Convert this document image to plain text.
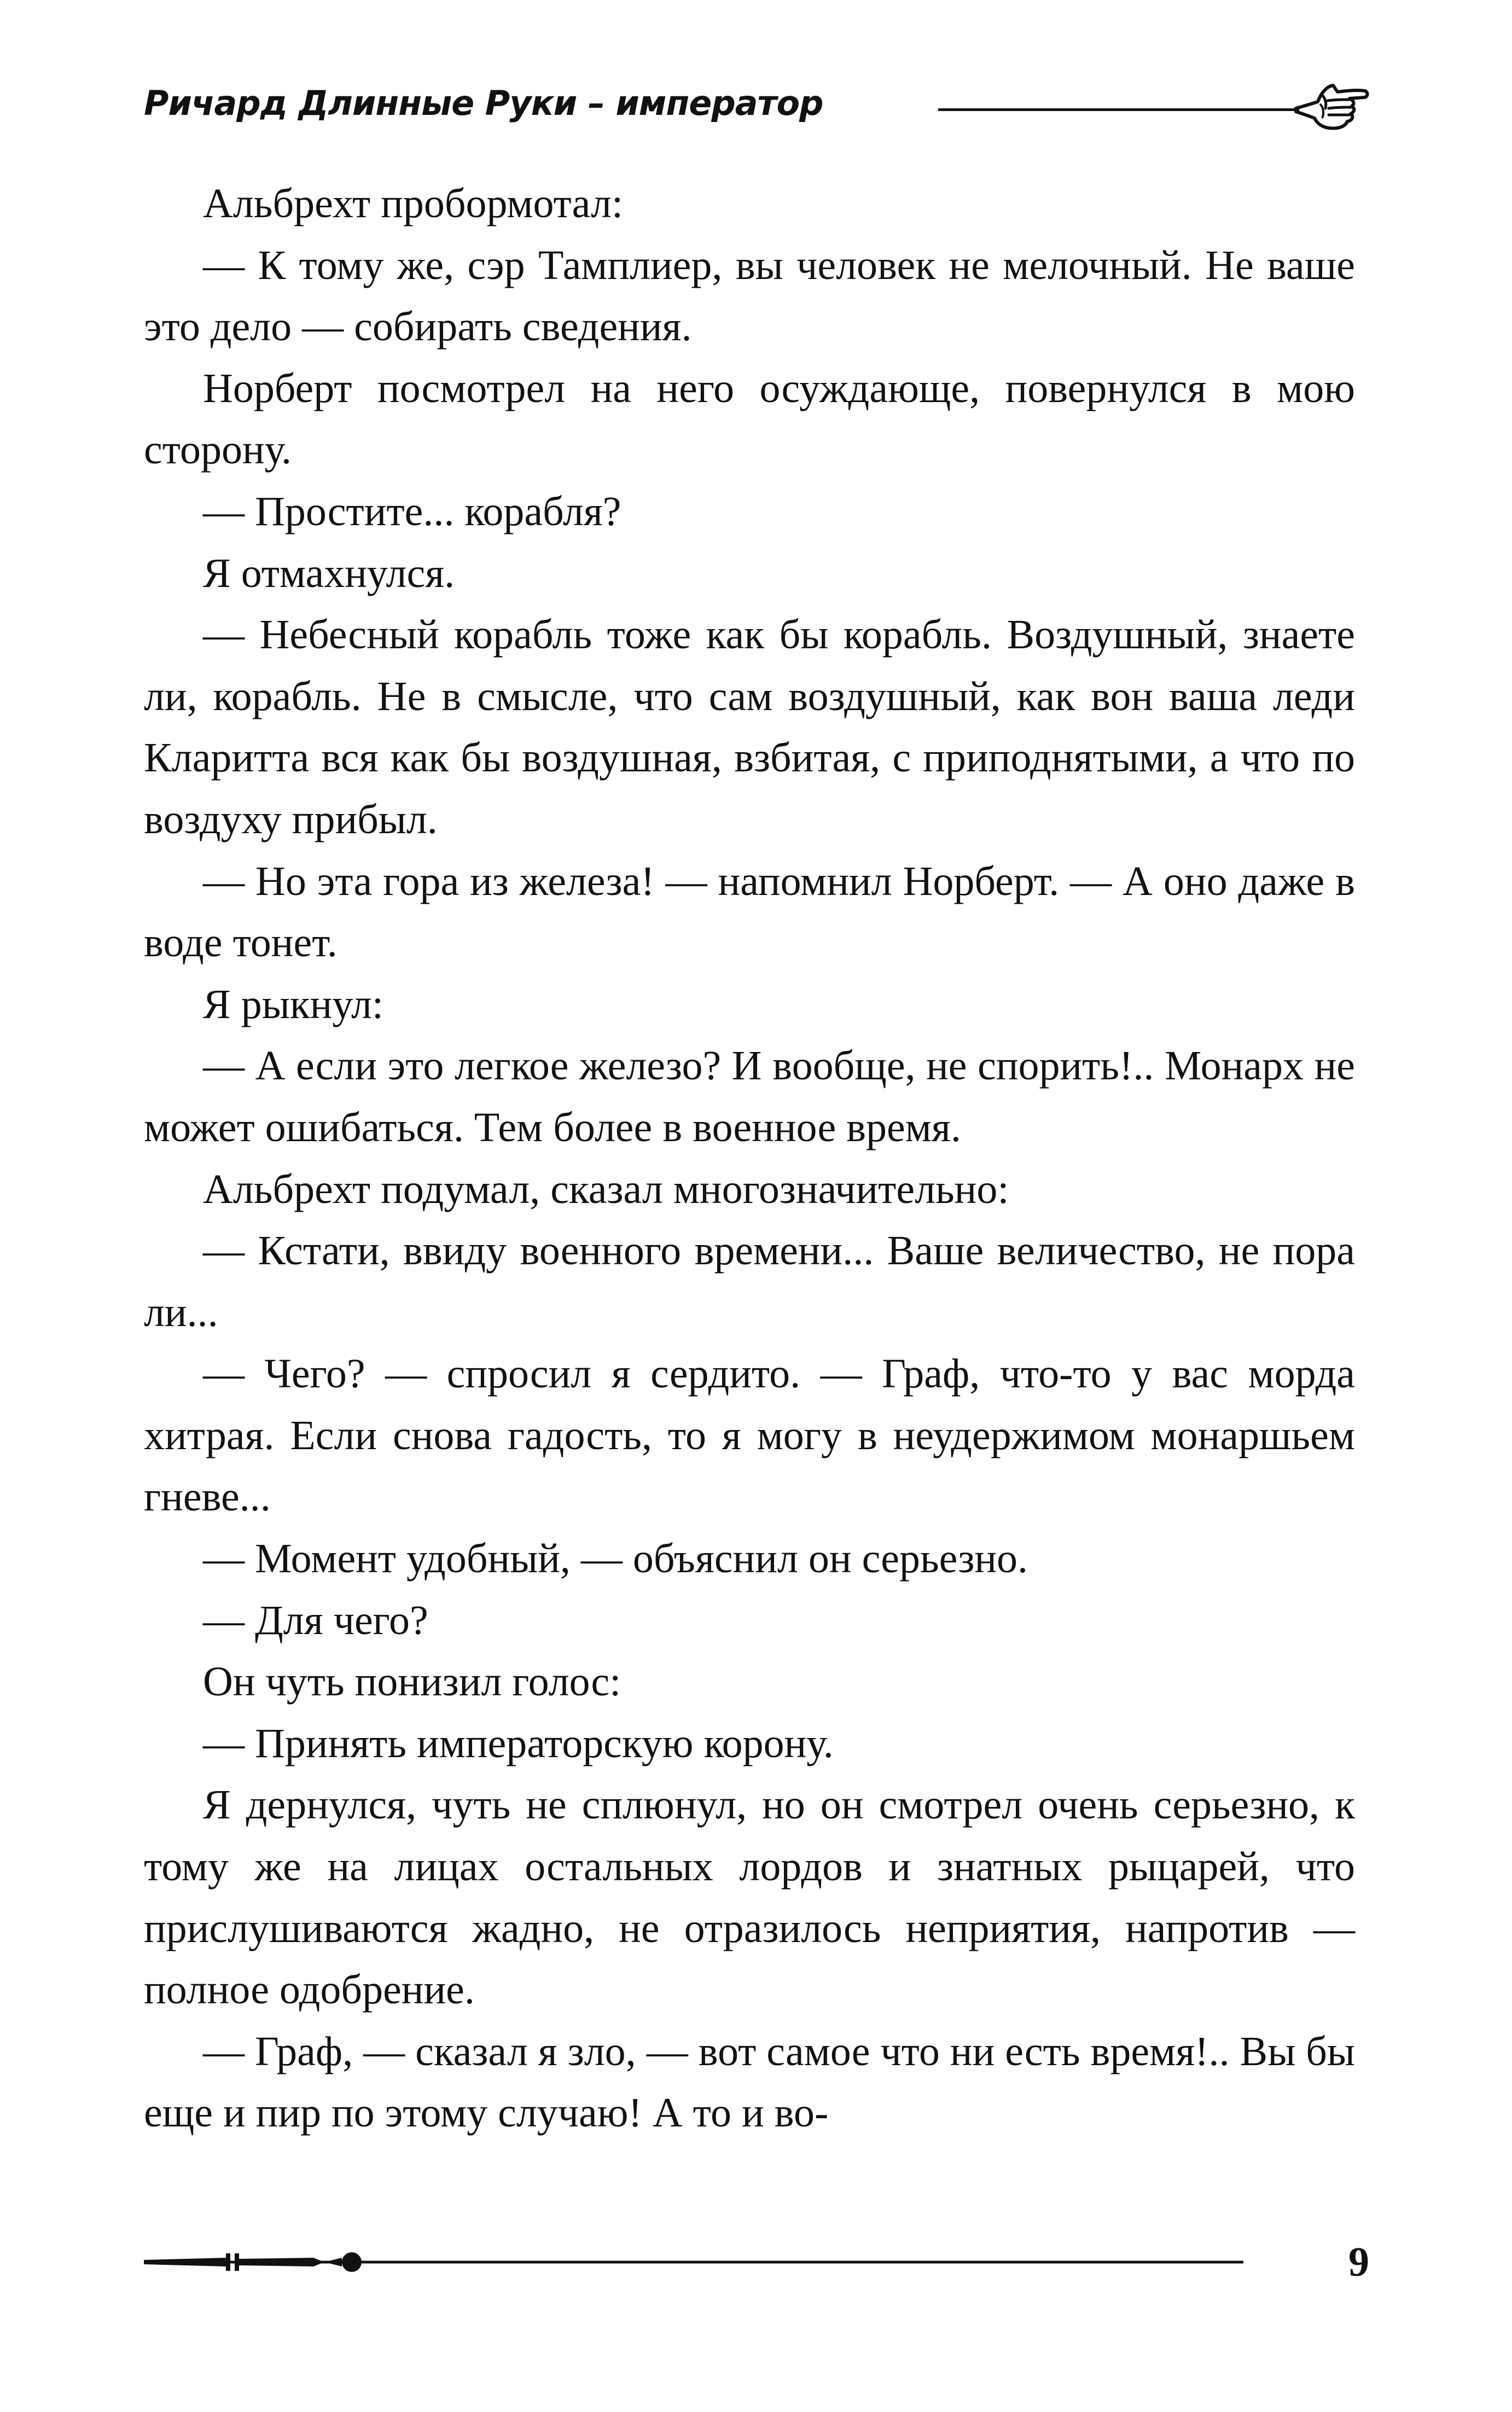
Ричард Длинные Руки – император

Альбрехт пробормотал:

— К тому же, сэр Тамплиер, вы человек не мелочный. Не ваше это дело — собирать сведения.

Норберт посмотрел на него осуждающе, повернулся в мою сторону.

— Простите... корабля?

Я отмахнулся.

— Небесный корабль тоже как бы корабль. Воздушный, знаете ли, корабль. Не в смысле, что сам воздушный, как вон ваша леди Кларитта вся как бы воздушная, взбитая, с приподнятыми, а что по воздуху прибыл.

— Но эта гора из железа! — напомнил Норберт. — А оно даже в воде тонет.

Я рыкнул:

— А если это легкое железо? И вообще, не спорить!.. Монарх не может ошибаться. Тем более в военное время.

Альбрехт подумал, сказал многозначительно:

— Кстати, ввиду военного времени... Ваше величество, не пора ли...

— Чего? — спросил я сердито. — Граф, что-то у вас морда хитрая. Если снова гадость, то я могу в неудержимом монаршьем гневе...

— Момент удобный, — объяснил он серьезно.

— Для чего?

Он чуть понизил голос:

— Принять императорскую корону.

Я дернулся, чуть не сплюнул, но он смотрел очень серьезно, к тому же на лицах остальных лордов и знатных рыцарей, что прислушиваются жадно, не отразилось неприятия, напротив — полное одобрение.

— Граф, — сказал я зло, — вот самое что ни есть время!.. Вы бы еще и пир по этому случаю! А то и во-

9
